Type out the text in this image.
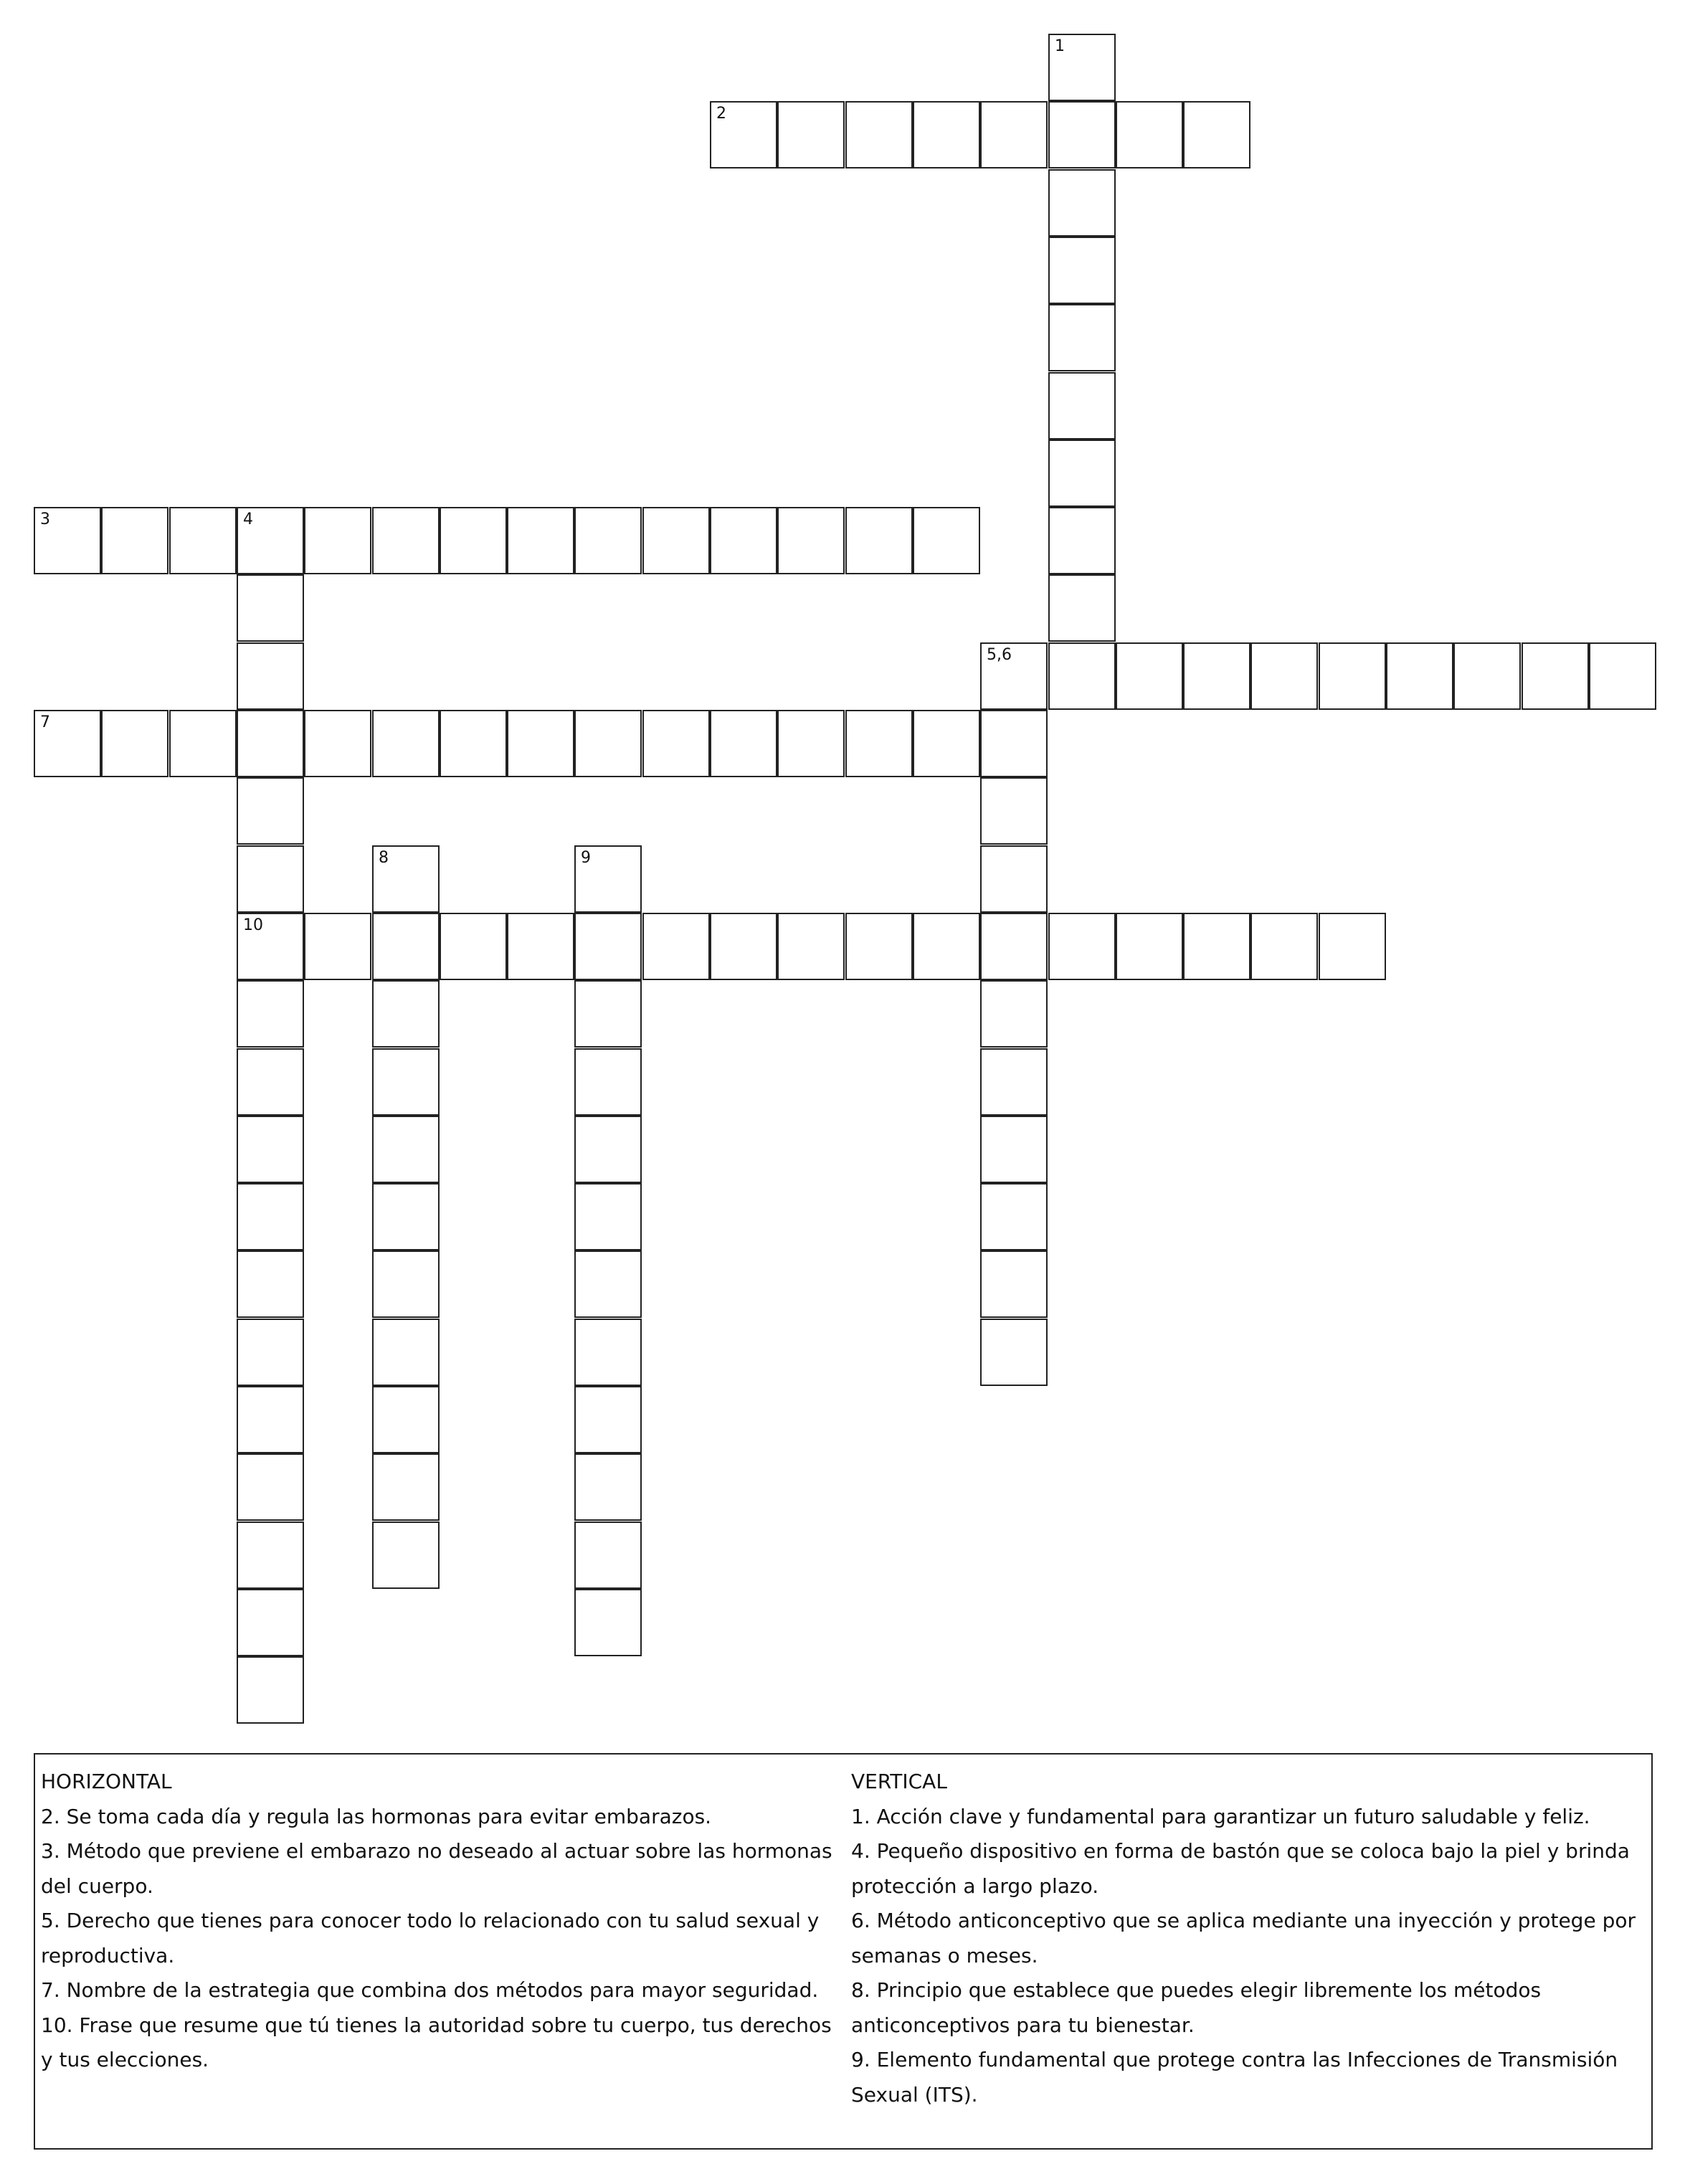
1
2
3	4
10
5,6
7
8	9
HORIZONTAL
2. Se toma cada día y regula las hormonas para evitar embarazos.
3. Método que previene el embarazo no deseado al actuar sobre las hormonas del cuerpo.
5. Derecho que tienes para conocer todo lo relacionado con tu salud sexual y reproductiva.
7. Nombre de la estrategia que combina dos métodos para mayor seguridad.
10. Frase que resume que tú tienes la autoridad sobre tu cuerpo, tus derechos y tus elecciones.
VERTICAL
1. Acción clave y fundamental para garantizar un futuro saludable y feliz.
4. Pequeño dispositivo en forma de bastón que se coloca bajo la piel y brinda protección a largo plazo.
6. Método anticonceptivo que se aplica mediante una inyección y protege por semanas o meses.
8. Principio que establece que puedes elegir libremente los métodos anticonceptivos para tu bienestar.
9. Elemento fundamental que protege contra las Infecciones de Transmisión Sexual (ITS).
